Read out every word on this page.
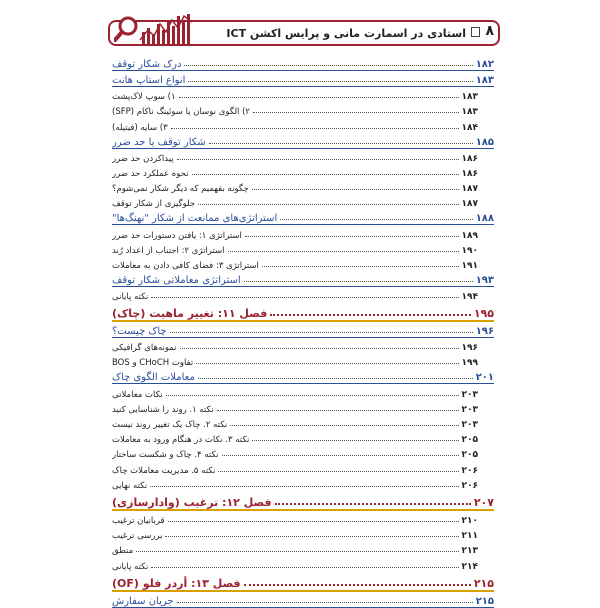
استادی در اسمارت مانی و پرایس اکشن ICT ۸
درک شکار توقف	۱۸۲
انواع استاپ هانت	۱۸۳
۱) سوپ لاک‌پشت	۱۸۳
۲) الگوی نوسان یا سوئینگ ناکام (SFP)	۱۸۳
۳) سایه (فیتیله)	۱۸۴
شکار توقف یا حد ضرر	۱۸۵
پیداکردن حد ضرر	۱۸۶
نحوه عملکرد حد ضرر	۱۸۶
چگونه بفهمیم که دیگر شکار نمی‌شوم؟	۱۸۷
جلوگیری از شکار توقف	۱۸۷
استراتژی‌های ممانعت از شکار "نهنگ‌ها"	۱۸۸
استراتژی ۱: یافتن دستورات حد ضرر	۱۸۹
استراتژی ۲: اجتناب از اعداد رُند	۱۹۰
استراتژی ۳: فضای کافی دادن به معاملات	۱۹۱
استراتژی معاملاتی شکار توقف	۱۹۳
نکته پایانی	۱۹۴
فصل ۱۱: تغییر ماهیت (چاک)	۱۹۵
چاک چیست؟	۱۹۶
نمونه‌های گرافیکی	۱۹۶
تفاوت CHoCH و BOS	۱۹۹
معاملات الگوی چاک	۲۰۱
نکات معاملاتی	۲۰۳
نکته ۱. روند را شناسایی کنید	۲۰۳
نکته ۲. چاک یک تغییر روند نیست	۲۰۳
نکته ۳. نکات در هنگام ورود به معاملات	۲۰۵
نکته ۴. چاک و شکست ساختار	۲۰۵
نکته ۵. مدیریت معاملات چاک	۲۰۶
نکته نهایی	۲۰۶
فصل ۱۲: ترغیب (وادارسازی)	۲۰۷
قربانیان ترغیب	۲۱۰
بررسی ترغیب	۲۱۱
منطق	۲۱۳
نکته پایانی	۲۱۴
فصل ۱۳: أردر فلو (OF)	۲۱۵
جریان سفارش	۲۱۵
